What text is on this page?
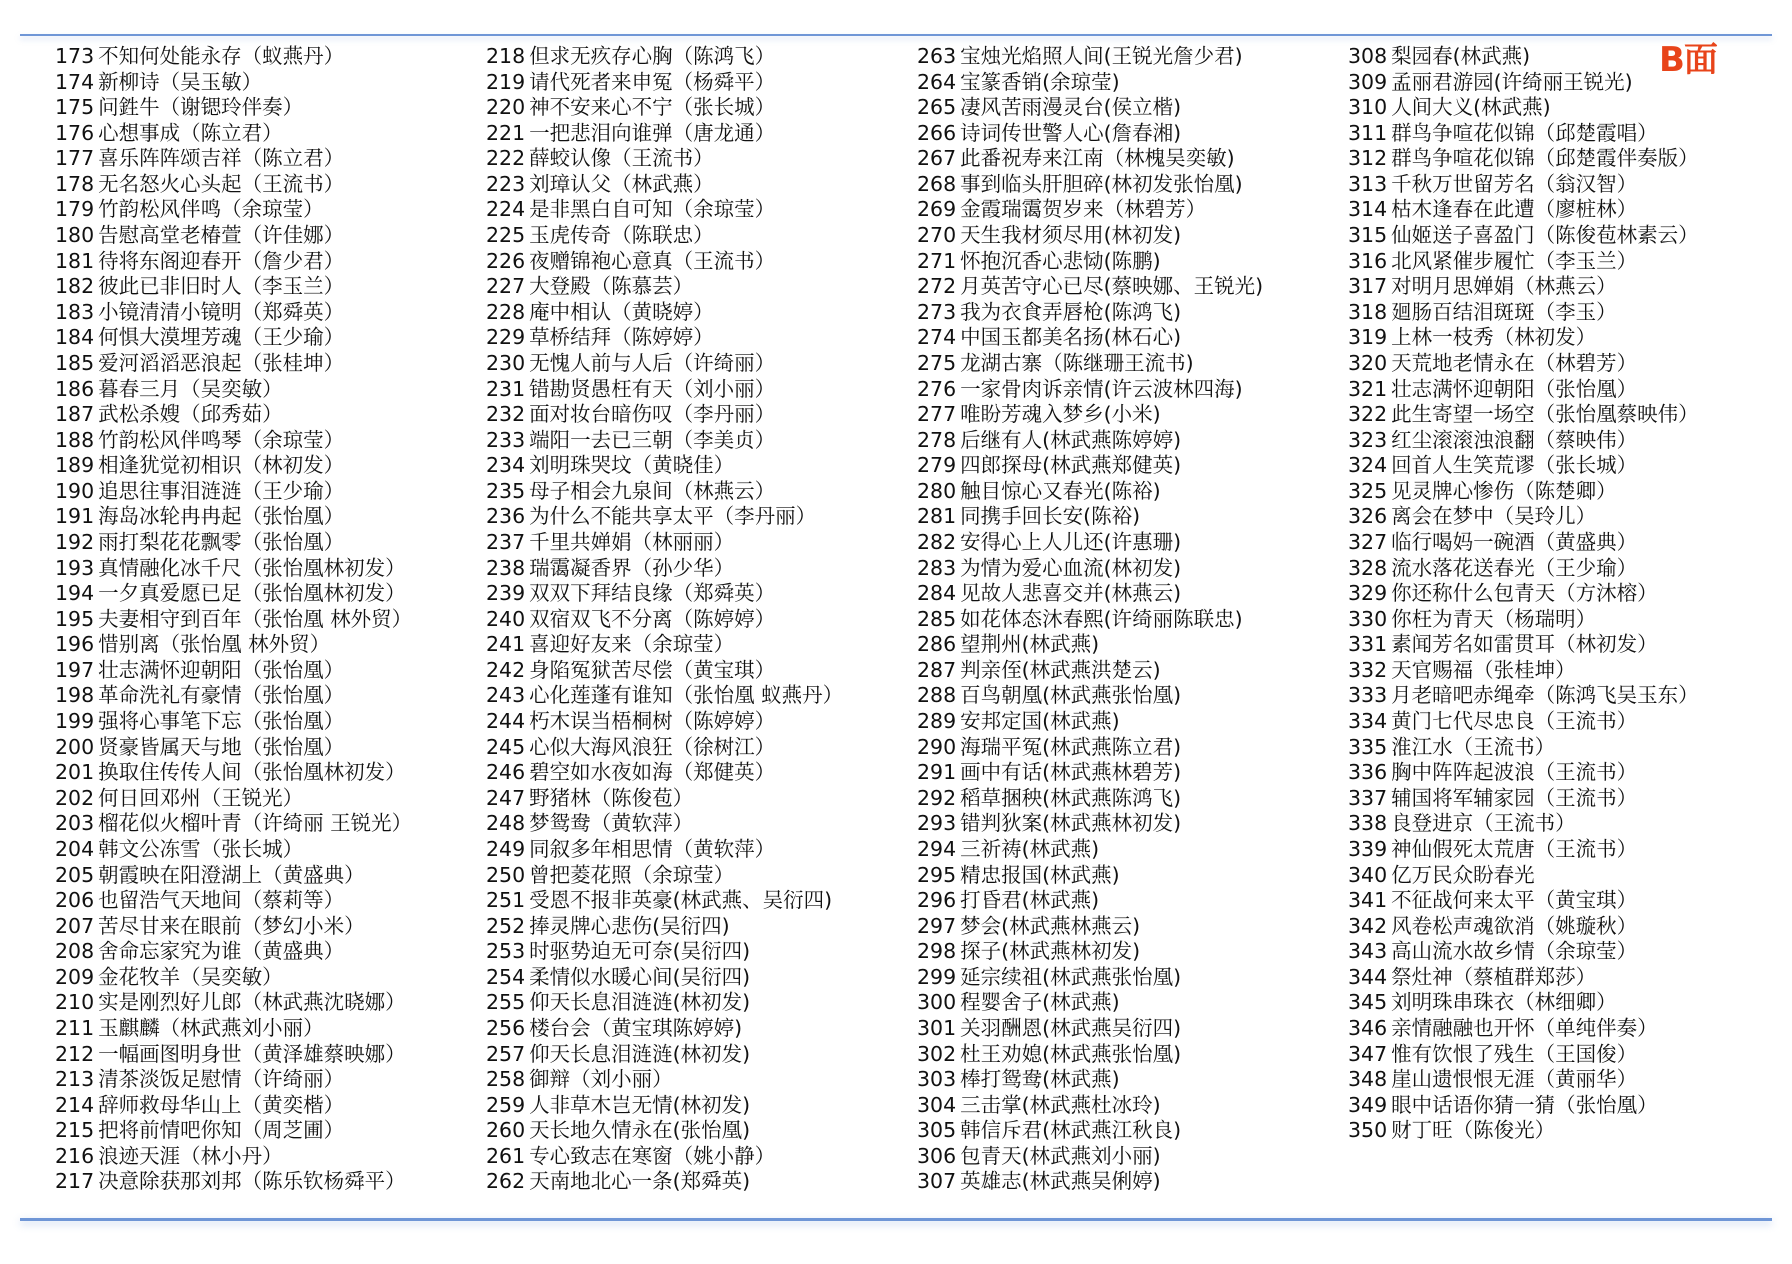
B面
173 不知何处能永存（蚁燕丹）
174 新柳诗（吴玉敏）
175 问鉎牛（谢锶玲伴奏）
176 心想事成（陈立君）
177 喜乐阵阵颂吉祥（陈立君）
178 无名怒火心头起（王流书）
179 竹韵松风伴鸣（余琼莹）
180 告慰高堂老椿萱（许佳娜）
181 待将东阁迎春开（詹少君）
182 彼此已非旧时人（李玉兰）
183 小镜清清小镜明（郑舜英）
184 何惧大漠埋芳魂（王少瑜）
185 爱河滔滔恶浪起（张桂坤）
186 暮春三月（吴奕敏）
187 武松杀嫂（邱秀茹）
188 竹韵松风伴鸣琴（余琼莹）
189 相逢犹觉初相识（林初发）
190 追思往事泪涟涟（王少瑜）
191 海岛冰轮冉冉起（张怡凰）
192 雨打梨花花飘零（张怡凰）
193 真情融化冰千尺（张怡凰林初发）
194 一夕真爱愿已足（张怡凰林初发）
195 夫妻相守到百年（张怡凰 林外贸）
196 惜别离（张怡凰 林外贸）
197 壮志满怀迎朝阳（张怡凰）
198 革命洗礼有豪情（张怡凰）
199 强将心事笔下忘（张怡凰）
200 贤豪皆属天与地（张怡凰）
201 换取住传传人间（张怡凰林初发）
202 何日回邓州（王锐光）
203 榴花似火榴叶青（许绮丽 王锐光）
204 韩文公冻雪（张长城）
205 朝霞映在阳澄湖上（黄盛典）
206 也留浩气天地间（蔡莉等）
207 苦尽甘来在眼前（梦幻小米）
208 舍命忘家究为谁（黄盛典）
209 金花牧羊（吴奕敏）
210 实是刚烈好儿郎（林武燕沈晓娜）
211 玉麒麟（林武燕刘小丽）
212 一幅画图明身世（黄泽雄蔡映娜）
213 清茶淡饭足慰情（许绮丽）
214 辞师救母华山上（黄奕楷）
215 把将前情吧你知（周芝圃）
216 浪迹天涯（林小丹）
217 决意除获那刘邦（陈乐钦杨舜平）
218 但求无疚存心胸（陈鸿飞）
219 请代死者来申冤（杨舜平）
220 神不安来心不宁（张长城）
221 一把悲泪向谁弹（唐龙通）
222 薛蛟认像（王流书）
223 刘璋认父（林武燕）
224 是非黑白自可知（余琼莹）
225 玉虎传奇（陈联忠）
226 夜赠锦袍心意真（王流书）
227 大登殿（陈慕芸）
228 庵中相认（黄晓婷）
229 草桥结拜（陈婷婷）
230 无愧人前与人后（许绮丽）
231 错勘贤愚枉有天（刘小丽）
232 面对妆台暗伤叹（李丹丽）
233 端阳一去已三朝（李美贞）
234 刘明珠哭坟（黄晓佳）
235 母子相会九泉间（林燕云）
236 为什么不能共享太平（李丹丽）
237 千里共婵娟（林丽丽）
238 瑞霭凝香界（孙少华）
239 双双下拜结良缘（郑舜英）
240 双宿双飞不分离（陈婷婷）
241 喜迎好友来（余琼莹）
242 身陷冤狱苦尽偿（黄宝琪）
243 心化莲蓬有谁知（张怡凰 蚁燕丹）
244 朽木误当梧桐树（陈婷婷）
245 心似大海风浪狂（徐树江）
246 碧空如水夜如海（郑健英）
247 野猪林（陈俊苞）
248 梦鸳鸯（黄软萍）
249 同叙多年相思情（黄软萍）
250 曾把菱花照（余琼莹）
251 受恩不报非英豪(林武燕、吴衍四)
252 捧灵牌心悲伤(吴衍四)
253 时驱势迫无可奈(吴衍四)
254 柔情似水暖心间(吴衍四)
255 仰天长息泪涟涟(林初发)
256 楼台会（黄宝琪陈婷婷)
257 仰天长息泪涟涟(林初发)
258 御辩（刘小丽）
259 人非草木岂无情(林初发)
260 天长地久情永在(张怡凰)
261 专心致志在寒窗（姚小静）
262 天南地北心一条(郑舜英)
263 宝烛光焰照人间(王锐光詹少君)
264 宝篆香销(余琼莹)
265 凄风苦雨漫灵台(侯立楷)
266 诗词传世警人心(詹春湘)
267 此番祝寿来江南（林槐吴奕敏)
268 事到临头肝胆碎(林初发张怡凰)
269 金霞瑞霭贺岁来（林碧芳）
270 天生我材须尽用(林初发)
271 怀抱沉香心悲恸(陈鹏)
272 月英苦守心已尽(蔡映娜、王锐光)
273 我为衣食弄唇枪(陈鸿飞)
274 中国玉都美名扬(林石心)
275 龙湖古寨（陈继珊王流书)
276 一家骨肉诉亲情(许云波林四海)
277 唯盼芳魂入梦乡(小米)
278 后继有人(林武燕陈婷婷)
279 四郎探母(林武燕郑健英)
280 触目惊心又春光(陈裕)
281 同携手回长安(陈裕)
282 安得心上人儿还(许惠珊)
283 为情为爱心血流(林初发)
284 见故人悲喜交并(林燕云)
285 如花体态沐春熙(许绮丽陈联忠)
286 望荆州(林武燕)
287 判亲侄(林武燕洪楚云)
288 百鸟朝凰(林武燕张怡凰)
289 安邦定国(林武燕)
290 海瑞平冤(林武燕陈立君)
291 画中有话(林武燕林碧芳)
292 稻草捆秧(林武燕陈鸿飞)
293 错判狄案(林武燕林初发)
294 三祈祷(林武燕)
295 精忠报国(林武燕)
296 打昏君(林武燕)
297 梦会(林武燕林燕云)
298 探子(林武燕林初发)
299 延宗续祖(林武燕张怡凰)
300 程婴舍子(林武燕)
301 关羽酬恩(林武燕吴衍四)
302 杜王劝媳(林武燕张怡凰)
303 棒打鸳鸯(林武燕)
304 三击掌(林武燕杜冰玲)
305 韩信斥君(林武燕江秋良)
306 包青天(林武燕刘小丽)
307 英雄志(林武燕吴俐婷)
308 梨园春(林武燕)
309 孟丽君游园(许绮丽王锐光)
310 人间大义(林武燕)
311 群鸟争喧花似锦（邱楚霞唱）
312 群鸟争喧花似锦（邱楚霞伴奏版）
313 千秋万世留芳名（翁汉智）
314 枯木逢春在此遭（廖桩林）
315 仙姬送子喜盈门（陈俊苞林素云）
316 北风紧催步履忙（李玉兰）
317 对明月思婵娟（林燕云）
318 廻肠百结泪斑斑（李玉）
319 上林一枝秀（林初发）
320 天荒地老情永在（林碧芳）
321 壮志满怀迎朝阳（张怡凰）
322 此生寄望一场空（张怡凰蔡映伟）
323 红尘滚滚浊浪翻（蔡映伟）
324 回首人生笑荒谬（张长城）
325 见灵牌心惨伤（陈楚卿）
326 离会在梦中（吴玲儿）
327 临行喝妈一碗酒（黄盛典）
328 流水落花送春光（王少瑜）
329 你还称什么包青天（方沐榕）
330 你枉为青天（杨瑞明）
331 素闻芳名如雷贯耳（林初发）
332 天官赐福（张桂坤）
333 月老暗吧赤绳牵（陈鸿飞吴玉东）
334 黄门七代尽忠良（王流书）
335 淮江水（王流书）
336 胸中阵阵起波浪（王流书）
337 辅国将军辅家园（王流书）
338 良登进京（王流书）
339 神仙假死太荒唐（王流书）
340 亿万民众盼春光
341 不征战何来太平（黄宝琪）
342 风卷松声魂欲消（姚璇秋）
343 高山流水故乡情（余琼莹）
344 祭灶神（蔡植群郑莎）
345 刘明珠串珠衣（林细卿）
346 亲情融融也开怀（单纯伴奏）
347 惟有饮恨了残生（王国俊）
348 崖山遗恨恨无涯（黄丽华）
349 眼中话语你猜一猜（张怡凰）
350 财丁旺（陈俊光）
